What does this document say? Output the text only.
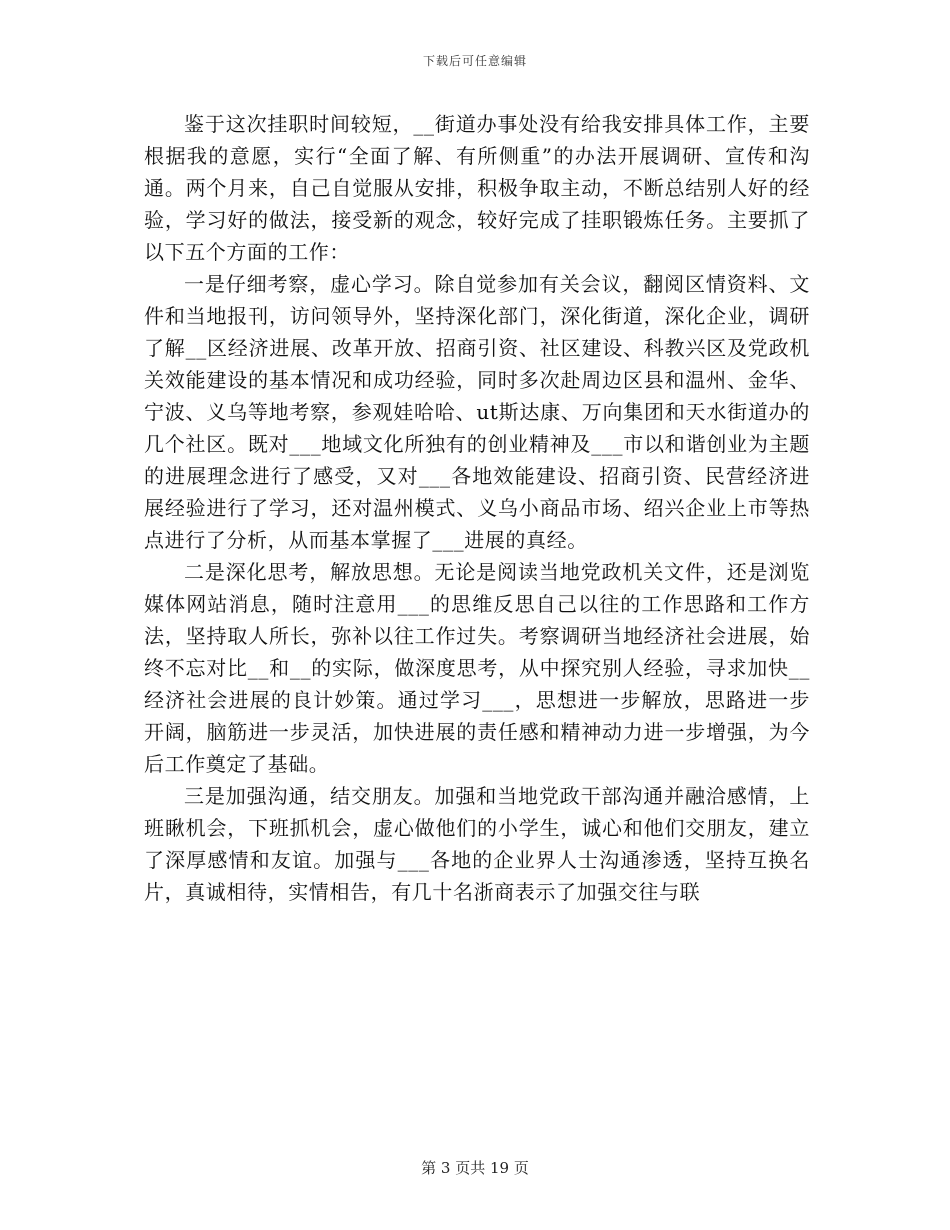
下载后可任意编辑

鉴于这次挂职时间较短，__街道办事处没有给我安排具体工作，主要根据我的意愿，实行“全面了解、有所侧重”的办法开展调研、宣传和沟通。两个月来，自己自觉服从安排，积极争取主动，不断总结别人好的经验，学习好的做法，接受新的观念，较好完成了挂职锻炼任务。主要抓了以下五个方面的工作：

一是仔细考察，虚心学习。除自觉参加有关会议，翻阅区情资料、文件和当地报刊，访问领导外，坚持深化部门，深化街道，深化企业，调研了解__区经济进展、改革开放、招商引资、社区建设、科教兴区及党政机关效能建设的基本情况和成功经验，同时多次赴周边区县和温州、金华、宁波、义乌等地考察，参观娃哈哈、ut斯达康、万向集团和天水街道办的几个社区。既对___地域文化所独有的创业精神及___市以和谐创业为主题的进展理念进行了感受，又对___各地效能建设、招商引资、民营经济进展经验进行了学习，还对温州模式、义乌小商品市场、绍兴企业上市等热点进行了分析，从而基本掌握了___进展的真经。

二是深化思考，解放思想。无论是阅读当地党政机关文件，还是浏览媒体网站消息，随时注意用___的思维反思自己以往的工作思路和工作方法，坚持取人所长，弥补以往工作过失。考察调研当地经济社会进展，始终不忘对比__和__的实际，做深度思考，从中探究别人经验，寻求加快__经济社会进展的良计妙策。通过学习___，思想进一步解放，思路进一步开阔，脑筋进一步灵活，加快进展的责任感和精神动力进一步增强，为今后工作奠定了基础。

三是加强沟通，结交朋友。加强和当地党政干部沟通并融洽感情，上班瞅机会，下班抓机会，虚心做他们的小学生，诚心和他们交朋友，建立了深厚感情和友谊。加强与___各地的企业界人士沟通渗透，坚持互换名片，真诚相待，实情相告，有几十名浙商表示了加强交往与联

第 3 页共 19 页
